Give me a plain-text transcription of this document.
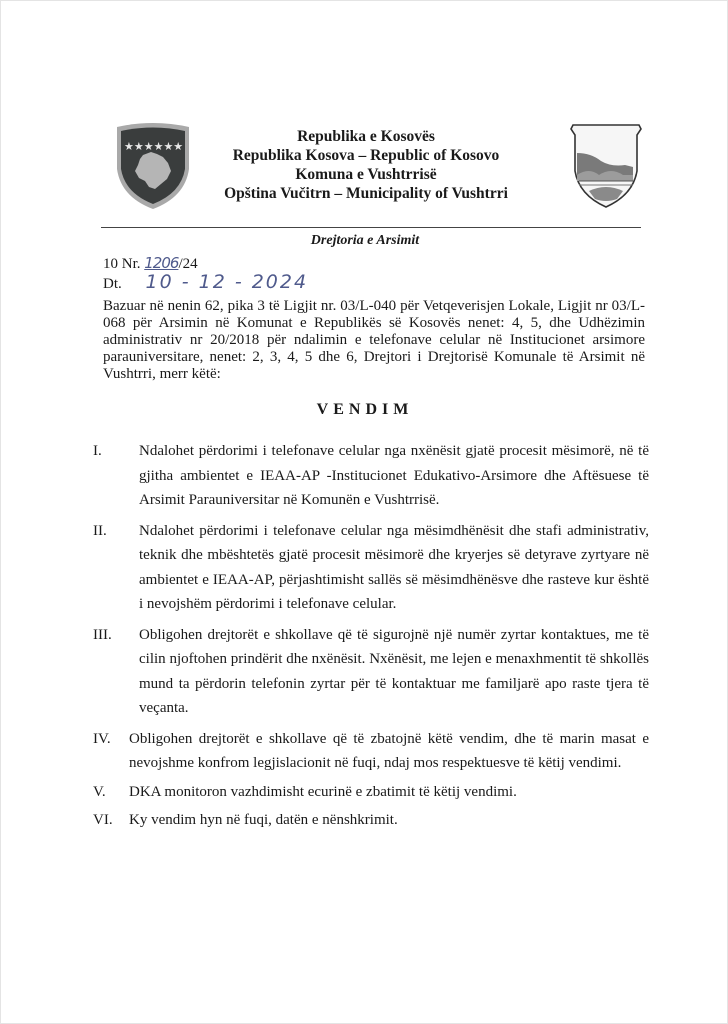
★★★★★★
Republika e Kosovës
Republika Kosova – Republic of Kosovo
Komuna e Vushtrrisë
Opština Vučitrn – Municipality of Vushtrri
Drejtoria e Arsimit
10 Nr. 1206/24
Dt. 10 - 12 - 2024
Bazuar në nenin 62, pika 3 të Ligjit nr. 03/L-040 për Vetqeverisjen Lokale, Ligjit nr 03/L-068 për Arsimin në Komunat e Republikës së Kosovës nenet: 4, 5, dhe Udhëzimin administrativ nr 20/2018 për ndalimin e telefonave celular në Institucionet arsimore parauniversitare, nenet: 2, 3, 4, 5 dhe 6, Drejtori i Drejtorisë Komunale të Arsimit në Vushtrri, merr këtë:
VENDIM
I.	Ndalohet përdorimi i telefonave celular nga nxënësit gjatë procesit mësimorë, në të gjitha ambientet e IEAA-AP -Institucionet Edukativo-Arsimore dhe Aftësuese të Arsimit Parauniversitar në Komunën e Vushtrrisë.
II.	Ndalohet përdorimi i telefonave celular nga mësimdhënësit dhe stafi administrativ, teknik dhe mbështetës gjatë procesit mësimorë dhe kryerjes së detyrave zyrtyare në ambientet e IEAA-AP, përjashtimisht sallës së mësimdhënësve dhe rasteve kur është i nevojshëm përdorimi i telefonave celular.
III.	Obligohen drejtorët e shkollave që të sigurojnë një numër zyrtar kontaktues, me të cilin njoftohen prindërit dhe nxënësit. Nxënësit, me lejen e menaxhmentit të shkollës mund ta përdorin telefonin zyrtar për të kontaktuar me familjarë apo raste tjera të veçanta.
IV.	Obligohen drejtorët e shkollave që të zbatojnë këtë vendim, dhe të marin masat e nevojshme konfrom legjislacionit në fuqi, ndaj mos respektuesve të këtij vendimi.
V.	DKA monitoron vazhdimisht ecurinë e zbatimit të këtij vendimi.
VI.	Ky vendim hyn në fuqi, datën e nënshkrimit.
